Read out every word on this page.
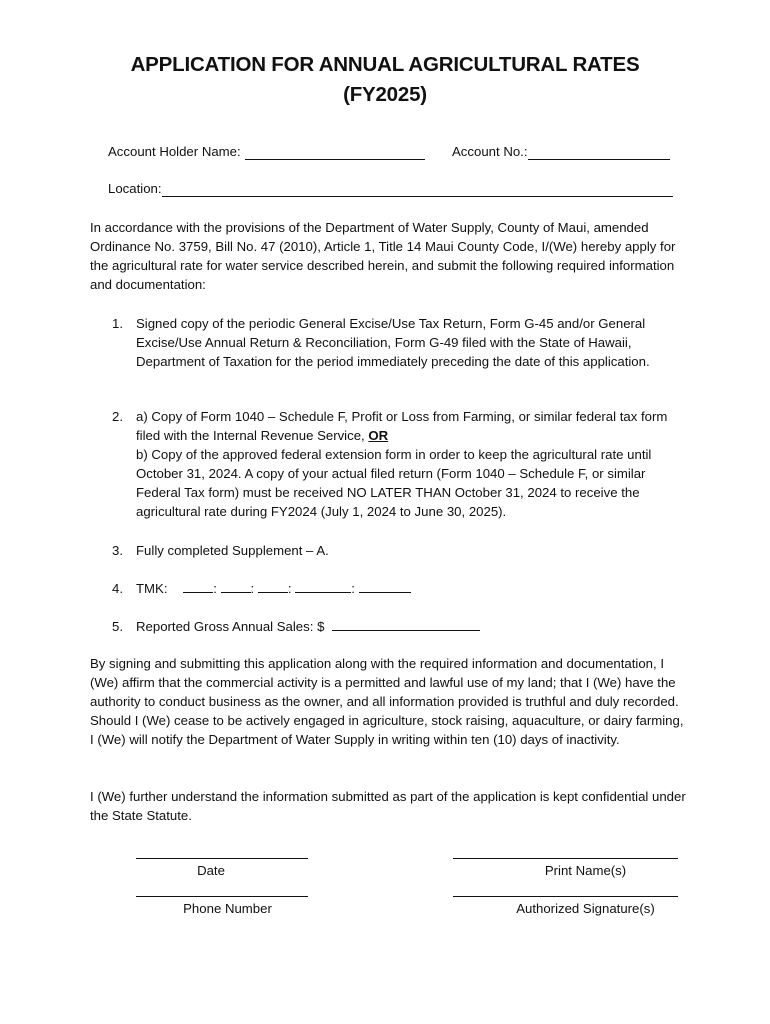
APPLICATION FOR ANNUAL AGRICULTURAL RATES
(FY2025)
Account Holder Name:	Account No.:
Location:

In accordance with the provisions of the Department of Water Supply, County of Maui, amended Ordinance No. 3759, Bill No. 47 (2010), Article 1, Title 14 Maui County Code, I/(We) hereby apply for the agricultural rate for water service described herein, and submit the following required information and documentation:

1. Signed copy of the periodic General Excise/Use Tax Return, Form G-45 and/or General Excise/Use Annual Return & Reconciliation, Form G-49 filed with the State of Hawaii, Department of Taxation for the period immediately preceding the date of this application.

2. a) Copy of Form 1040 – Schedule F, Profit or Loss from Farming, or similar federal tax form filed with the Internal Revenue Service, OR

b) Copy of the approved federal extension form in order to keep the agricultural rate until October 31, 2024. A copy of your actual filed return (Form 1040 – Schedule F, or similar Federal Tax form) must be received NO LATER THAN October 31, 2024 to receive the agricultural rate during FY2024 (July 1, 2024 to June 30, 2025).

3. Fully completed Supplement – A.

4. TMK:	:	:	:	:
5. Reported Gross Annual Sales: $

By signing and submitting this application along with the required information and documentation, I (We) affirm that the commercial activity is a permitted and lawful use of my land; that I (We) have the authority to conduct business as the owner, and all information provided is truthful and duly recorded. Should I (We) cease to be actively engaged in agriculture, stock raising, aquaculture, or dairy farming, I (We) will notify the Department of Water Supply in writing within ten (10) days of inactivity.

I (We) further understand the information submitted as part of the application is kept confidential under the State Statute.

Date	Print Name(s)
Phone Number	Authorized Signature(s)
